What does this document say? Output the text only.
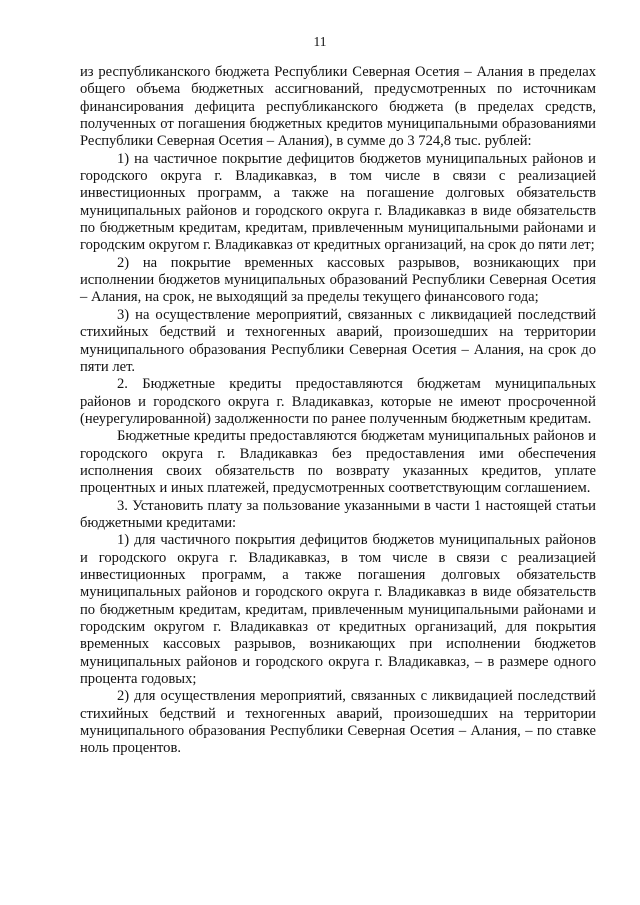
11

из республиканского бюджета Республики Северная Осетия – Алания в пределах общего объема бюджетных ассигнований, предусмотренных по источникам финансирования дефицита республиканского бюджета (в пределах средств, полученных от погашения бюджетных кредитов муниципальными образованиями Республики Северная Осетия – Алания), в сумме до 3 724,8 тыс. рублей:

1) на частичное покрытие дефицитов бюджетов муниципальных районов и городского округа г. Владикавказ, в том числе в связи с реализацией инвестиционных программ, а также на погашение долговых обязательств муниципальных районов и городского округа г. Владикавказ в виде обязательств по бюджетным кредитам, кредитам, привлеченным муниципальными районами и городским округом г. Владикавказ от кредитных организаций, на срок до пяти лет;

2) на покрытие временных кассовых разрывов, возникающих при исполнении бюджетов муниципальных образований Республики Северная Осетия – Алания, на срок, не выходящий за пределы текущего финансового года;

3) на осуществление мероприятий, связанных с ликвидацией последствий стихийных бедствий и техногенных аварий, произошедших на территории муниципального образования Республики Северная Осетия – Алания, на срок до пяти лет.

2. Бюджетные кредиты предоставляются бюджетам муниципальных районов и городского округа г. Владикавказ, которые не имеют просроченной (неурегулированной) задолженности по ранее полученным бюджетным кредитам.

Бюджетные кредиты предоставляются бюджетам муниципальных районов и городского округа г. Владикавказ без предоставления ими обеспечения исполнения своих обязательств по возврату указанных кредитов, уплате процентных и иных платежей, предусмотренных соответствующим соглашением.

3. Установить плату за пользование указанными в части 1 настоящей статьи бюджетными кредитами:

1) для частичного покрытия дефицитов бюджетов муниципальных районов и городского округа г. Владикавказ, в том числе в связи с реализацией инвестиционных программ, а также погашения долговых обязательств муниципальных районов и городского округа г. Владикавказ в виде обязательств по бюджетным кредитам, кредитам, привлеченным муниципальными районами и городским округом г. Владикавказ от кредитных организаций, для покрытия временных кассовых разрывов, возникающих при исполнении бюджетов муниципальных районов и городского округа г. Владикавказ, – в размере одного процента годовых;

2) для осуществления мероприятий, связанных с ликвидацией последствий стихийных бедствий и техногенных аварий, произошедших на территории муниципального образования Республики Северная Осетия – Алания, – по ставке ноль процентов.
